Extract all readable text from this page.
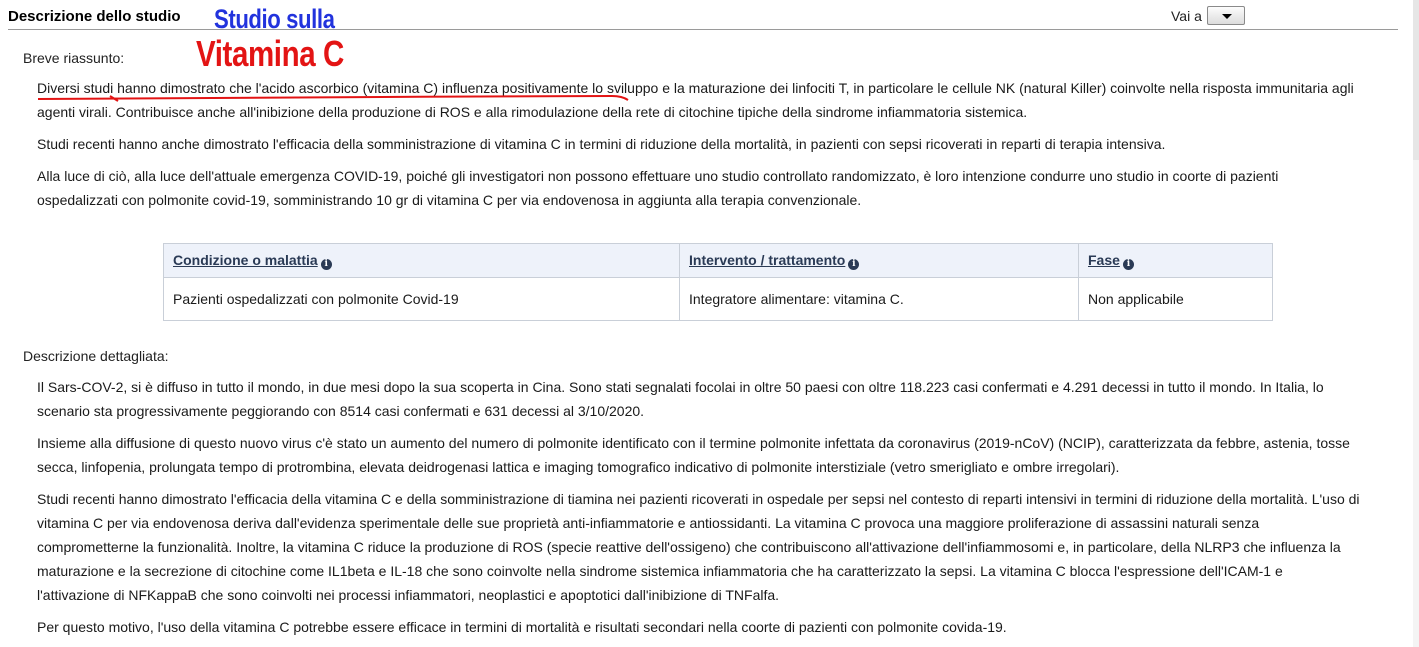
Descrizione dello studio	Vai a
Studio sulla
Vitamina C
Breve riassunto:
Diversi studi hanno dimostrato che l'acido ascorbico (vitamina C) influenza positivamente lo sviluppo e la maturazione dei linfociti T, in particolare le cellule NK (natural Killer) coinvolte nella risposta immunitaria agli
agenti virali. Contribuisce anche all'inibizione della produzione di ROS e alla rimodulazione della rete di citochine tipiche della sindrome infiammatoria sistemica.
Studi recenti hanno anche dimostrato l'efficacia della somministrazione di vitamina C in termini di riduzione della mortalità, in pazienti con sepsi ricoverati in reparti di terapia intensiva.
Alla luce di ciò, alla luce dell'attuale emergenza COVID-19, poiché gli investigatori non possono effettuare uno studio controllato randomizzato, è loro intenzione condurre uno studio in coorte di pazienti
ospedalizzati con polmonite covid-19, somministrando 10 gr di vitamina C per via endovenosa in aggiunta alla terapia convenzionale.
Condizione o malattia i	Intervento / trattamento i	Fase i
Pazienti ospedalizzati con polmonite Covid-19	Integratore alimentare: vitamina C.	Non applicabile
Descrizione dettagliata:
Il Sars-COV-2, si è diffuso in tutto il mondo, in due mesi dopo la sua scoperta in Cina. Sono stati segnalati focolai in oltre 50 paesi con oltre 118.223 casi confermati e 4.291 decessi in tutto il mondo. In Italia, lo
scenario sta progressivamente peggiorando con 8514 casi confermati e 631 decessi al 3/10/2020.
Insieme alla diffusione di questo nuovo virus c'è stato un aumento del numero di polmonite identificato con il termine polmonite infettata da coronavirus (2019-nCoV) (NCIP), caratterizzata da febbre, astenia, tosse
secca, linfopenia, prolungata tempo di protrombina, elevata deidrogenasi lattica e imaging tomografico indicativo di polmonite interstiziale (vetro smerigliato e ombre irregolari).
Studi recenti hanno dimostrato l'efficacia della vitamina C e della somministrazione di tiamina nei pazienti ricoverati in ospedale per sepsi nel contesto di reparti intensivi in termini di riduzione della mortalità. L'uso di
vitamina C per via endovenosa deriva dall'evidenza sperimentale delle sue proprietà anti-infiammatorie e antiossidanti. La vitamina C provoca una maggiore proliferazione di assassini naturali senza
comprometterne la funzionalità. Inoltre, la vitamina C riduce la produzione di ROS (specie reattive dell'ossigeno) che contribuiscono all'attivazione dell'infiammosomi e, in particolare, della NLRP3 che influenza la
maturazione e la secrezione di citochine come IL1beta e IL-18 che sono coinvolte nella sindrome sistemica infiammatoria che ha caratterizzato la sepsi. La vitamina C blocca l'espressione dell'ICAM-1 e
l'attivazione di NFKappaB che sono coinvolti nei processi infiammatori, neoplastici e apoptotici dall'inibizione di TNFalfa.
Per questo motivo, l'uso della vitamina C potrebbe essere efficace in termini di mortalità e risultati secondari nella coorte di pazienti con polmonite covida-19.
